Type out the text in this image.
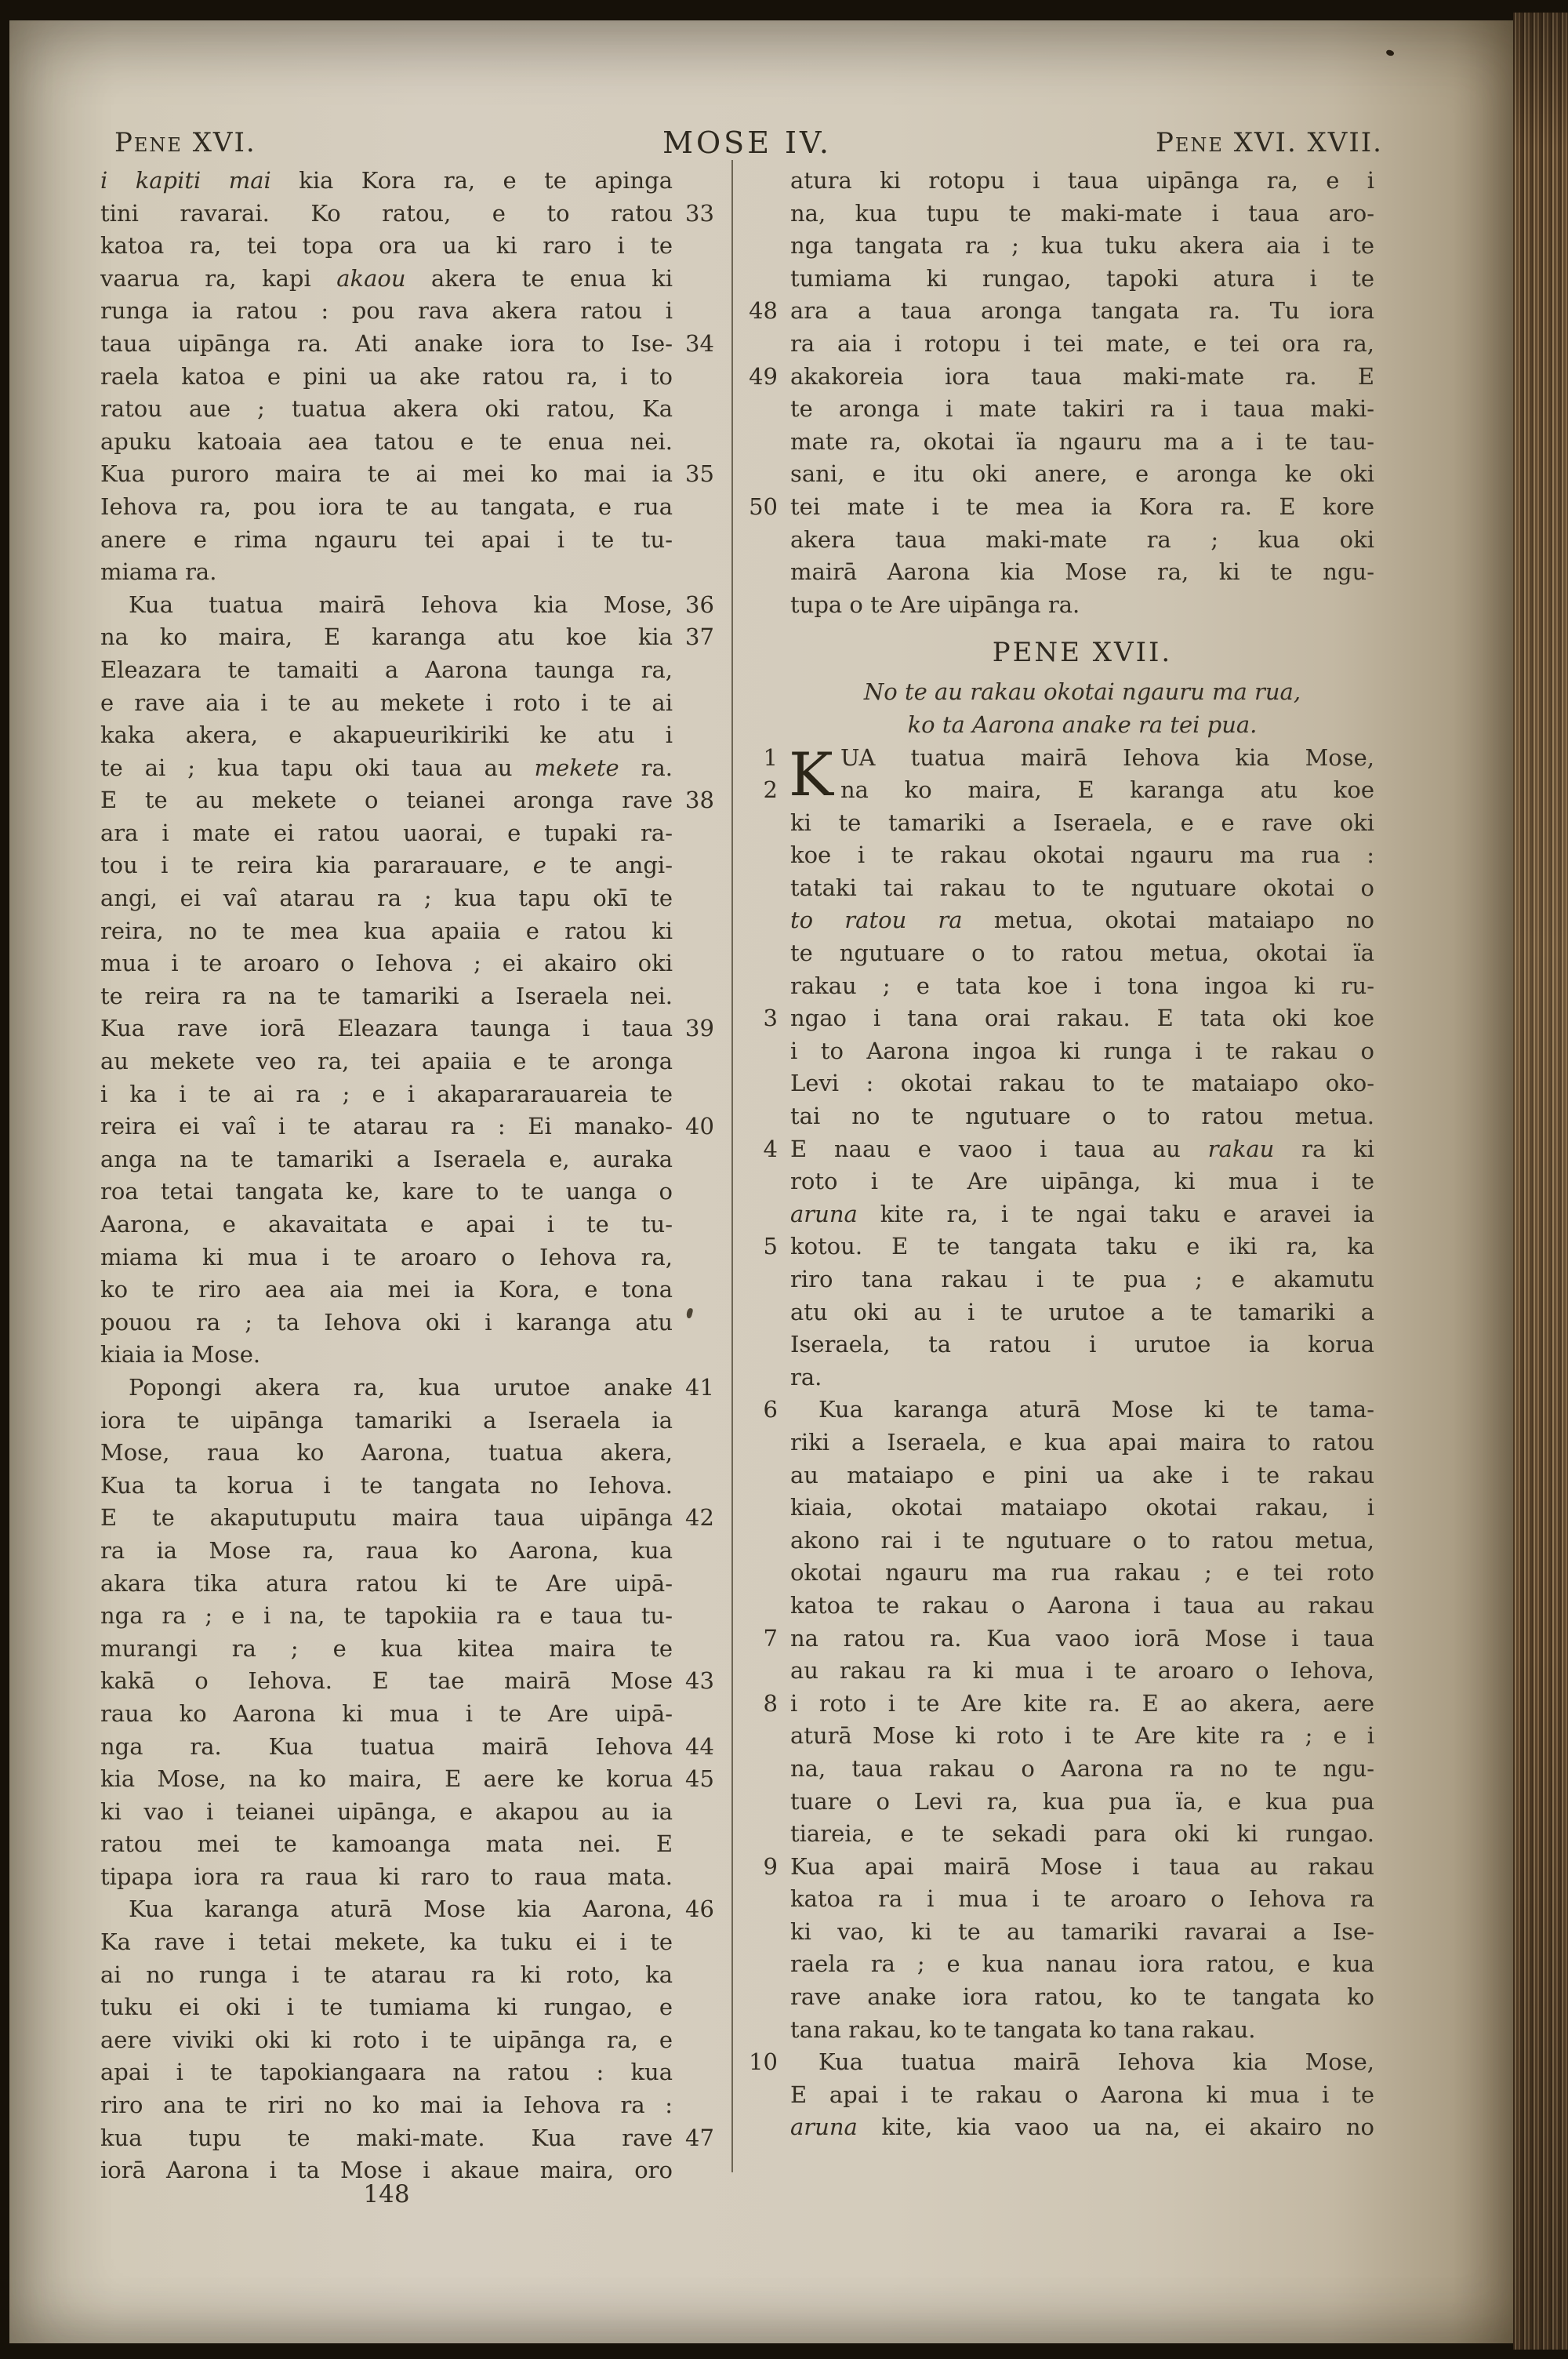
Pene XVI.	MOSE IV.	Pene XVI. XVII.
i kapiti mai kia Kora ra, e te apinga
33
tini ravarai. Ko ratou, e to ratou
katoa ra, tei topa ora ua ki raro i te
vaarua ra, kapi akaou akera te enua ki
runga ia ratou : pou rava akera ratou i
34
taua uipānga ra. Ati anake iora to Ise-
raela katoa e pini ua ake ratou ra, i to
ratou aue ; tuatua akera oki ratou, Ka
apuku katoaia aea tatou e te enua nei.
35
Kua puroro maira te ai mei ko mai ia
Iehova ra, pou iora te au tangata, e rua
anere e rima ngauru tei apai i te tu-
miama ra.
36
Kua tuatua mairā Iehova kia Mose,
37
na ko maira, E karanga atu koe kia
Eleazara te tamaiti a Aarona taunga ra,
e rave aia i te au mekete i roto i te ai
kaka akera, e akapueurikiriki ke atu i
te ai ; kua tapu oki taua au mekete ra.
38
E te au mekete o teianei aronga rave
ara i mate ei ratou uaorai, e tupaki ra-
tou i te reira kia pararauare, e te angi-
angi, ei vaî atarau ra ; kua tapu okī te
reira, no te mea kua apaiia e ratou ki
mua i te aroaro o Iehova ; ei akairo oki
te reira ra na te tamariki a Iseraela nei.
39
Kua rave iorā Eleazara taunga i taua
au mekete veo ra, tei apaiia e te aronga
i ka i te ai ra ; e i akapararauareia te
40
reira ei vaî i te atarau ra : Ei manako-
anga na te tamariki a Iseraela e, auraka
roa tetai tangata ke, kare to te uanga o
Aarona, e akavaitata e apai i te tu-
miama ki mua i te aroaro o Iehova ra,
ko te riro aea aia mei ia Kora, e tona
pouou ra ; ta Iehova oki i karanga atu
kiaia ia Mose.
41
Popongi akera ra, kua urutoe anake
iora te uipānga tamariki a Iseraela ia
Mose, raua ko Aarona, tuatua akera,
Kua ta korua i te tangata no Iehova.
42
E te akaputuputu maira taua uipānga
ra ia Mose ra, raua ko Aarona, kua
akara tika atura ratou ki te Are uipā-
nga ra ; e i na, te tapokiia ra e taua tu-
murangi ra ; e kua kitea maira te
43
kakā o Iehova. E tae mairā Mose
raua ko Aarona ki mua i te Are uipā-
44
nga ra. Kua tuatua mairā Iehova
45
kia Mose, na ko maira, E aere ke korua
ki vao i teianei uipānga, e akapou au ia
ratou mei te kamoanga mata nei. E
tipapa iora ra raua ki raro to raua mata.
46
Kua karanga aturā Mose kia Aarona,
Ka rave i tetai mekete, ka tuku ei i te
ai no runga i te atarau ra ki roto, ka
tuku ei oki i te tumiama ki rungao, e
aere viviki oki ki roto i te uipānga ra, e
apai i te tapokiangaara na ratou : kua
riro ana te riri no ko mai ia Iehova ra :
47
kua tupu te maki-mate. Kua rave
iorā Aarona i ta Mose i akaue maira, oro
atura ki rotopu i taua uipānga ra, e i
na, kua tupu te maki-mate i taua aro-
nga tangata ra ; kua tuku akera aia i te
tumiama ki rungao, tapoki atura i te
48 ara a taua aronga tangata ra. Tu iora
ra aia i rotopu i tei mate, e tei ora ra,
49 akakoreia iora taua maki-mate ra. E
te aronga i mate takiri ra i taua maki-
mate ra, okotai ïa ngauru ma a i te tau-
sani, e itu oki anere, e aronga ke oki
50 tei mate i te mea ia Kora ra. E kore
akera taua maki-mate ra ; kua oki
mairā Aarona kia Mose ra, ki te ngu-
tupa o te Are uipānga ra.
PENE XVII.
No te au rakau okotai ngauru ma rua,
ko ta Aarona anake ra tei pua.
1 K UA tuatua mairā Iehova kia Mose,
2	na ko maira, E karanga atu koe
ki te tamariki a Iseraela, e e rave oki
koe i te rakau okotai ngauru ma rua :
tataki tai rakau to te ngutuare okotai o
to ratou ra metua, okotai mataiapo no
te ngutuare o to ratou metua, okotai ïa
rakau ; e tata koe i tona ingoa ki ru-
3 ngao i tana orai rakau. E tata oki koe
i to Aarona ingoa ki runga i te rakau o
Levi : okotai rakau to te mataiapo oko-
tai no te ngutuare o to ratou metua.
4 E naau e vaoo i taua au rakau ra ki
roto i te Are uipānga, ki mua i te
aruna kite ra, i te ngai taku e aravei ia
5 kotou. E te tangata taku e iki ra, ka
riro tana rakau i te pua ; e akamutu
atu oki au i te urutoe a te tamariki a
Iseraela, ta ratou i urutoe ia korua
ra.
6	Kua karanga aturā Mose ki te tama-
riki a Iseraela, e kua apai maira to ratou
au mataiapo e pini ua ake i te rakau
kiaia, okotai mataiapo okotai rakau, i
akono rai i te ngutuare o to ratou metua,
okotai ngauru ma rua rakau ; e tei roto
katoa te rakau o Aarona i taua au rakau
7 na ratou ra. Kua vaoo iorā Mose i taua
au rakau ra ki mua i te aroaro o Iehova,
8 i roto i te Are kite ra. E ao akera, aere
aturā Mose ki roto i te Are kite ra ; e i
na, taua rakau o Aarona ra no te ngu-
tuare o Levi ra, kua pua ïa, e kua pua
tiareia, e te sekadi para oki ki rungao.
9 Kua apai mairā Mose i taua au rakau
katoa ra i mua i te aroaro o Iehova ra
ki vao, ki te au tamariki ravarai a Ise-
raela ra ; e kua nanau iora ratou, e kua
rave anake iora ratou, ko te tangata ko
tana rakau, ko te tangata ko tana rakau.
10	Kua tuatua mairā Iehova kia Mose,
E apai i te rakau o Aarona ki mua i te
aruna kite, kia vaoo ua na, ei akairo no
148
